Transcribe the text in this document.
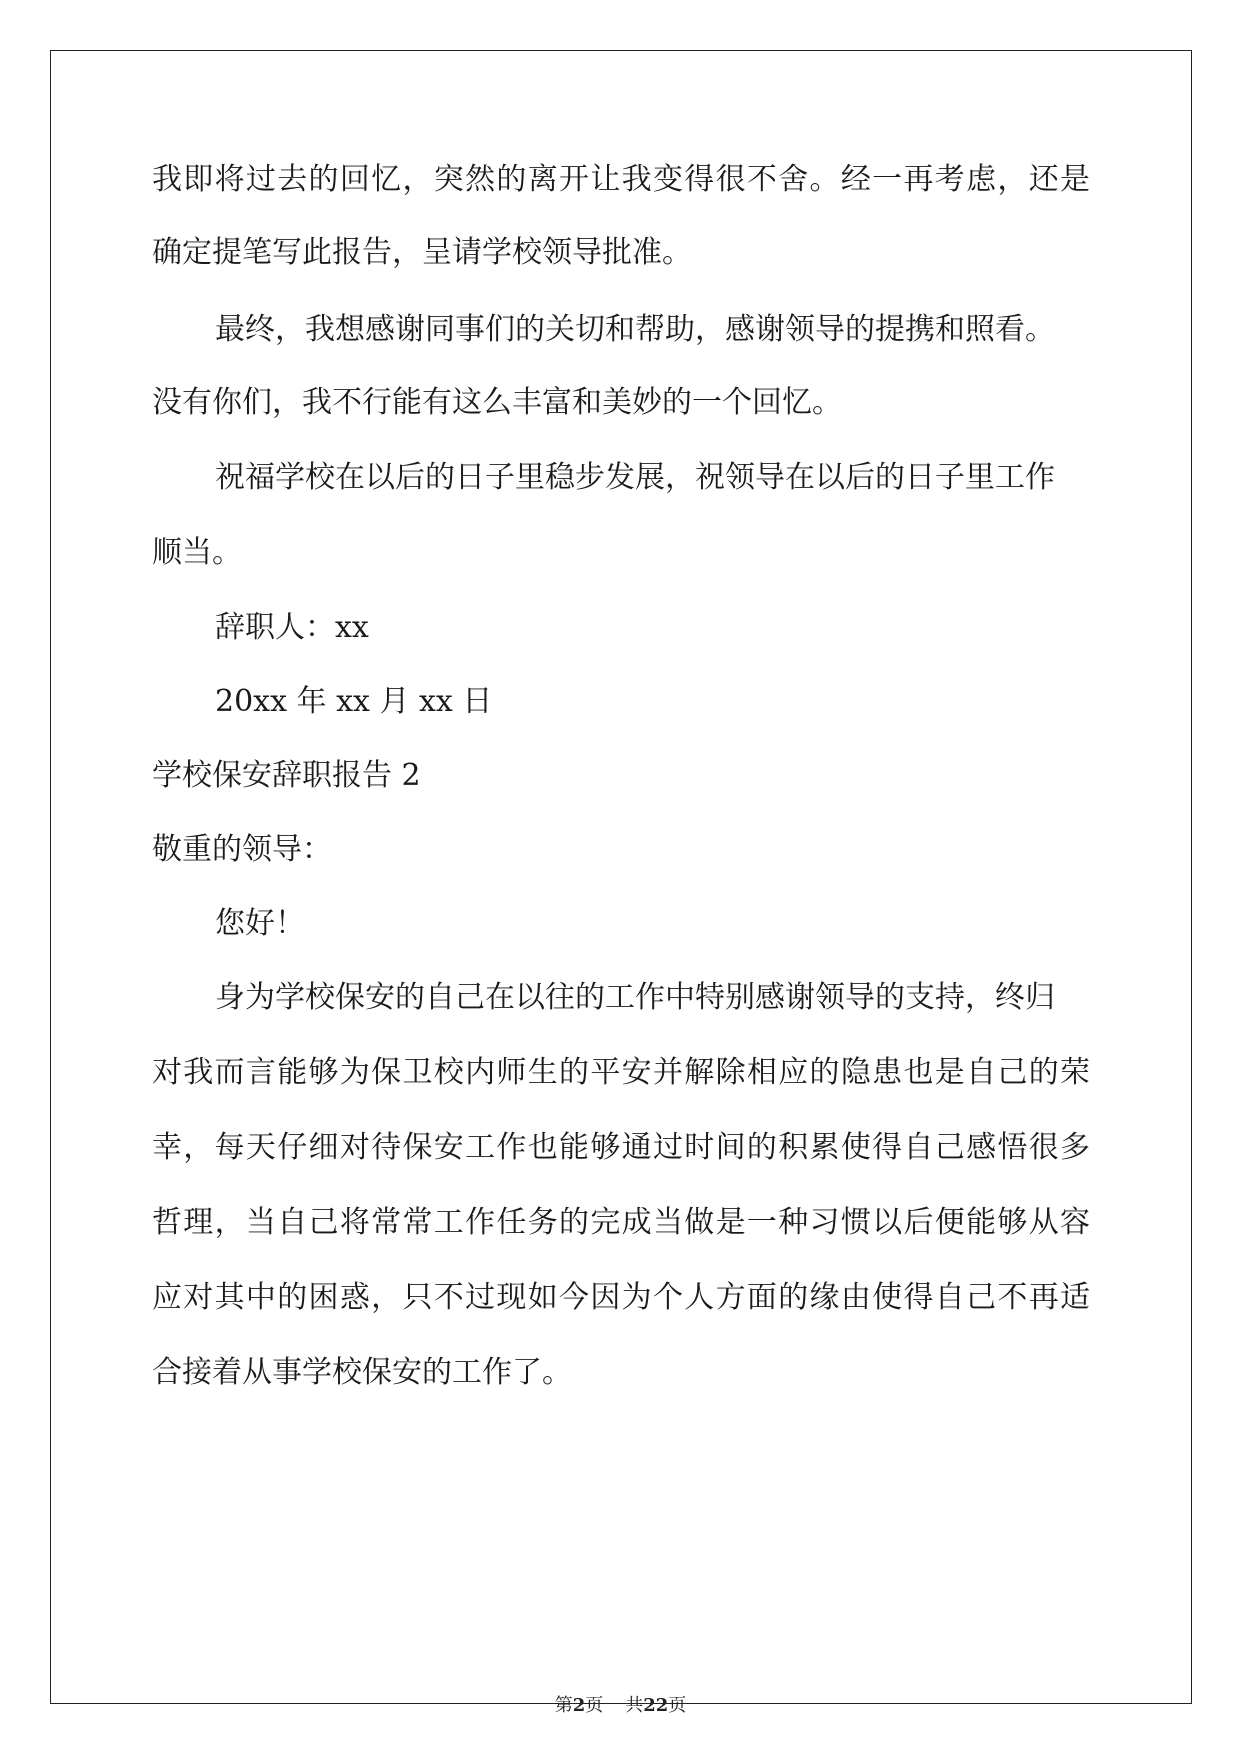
我即将过去的回忆，突然的离开让我变得很不舍。经一再考虑，还是
确定提笔写此报告，呈请学校领导批准。
最终，我想感谢同事们的关切和帮助，感谢领导的提携和照看。
没有你们，我不行能有这么丰富和美妙的一个回忆。
祝福学校在以后的日子里稳步发展，祝领导在以后的日子里工作
顺当。
辞职人：xx
20xx 年 xx 月 xx 日
学校保安辞职报告 2
敬重的领导：
您好！
身为学校保安的自己在以往的工作中特别感谢领导的支持，终归
对我而言能够为保卫校内师生的平安并解除相应的隐患也是自己的荣
幸，每天仔细对待保安工作也能够通过时间的积累使得自己感悟很多
哲理，当自己将常常工作任务的完成当做是一种习惯以后便能够从容
应对其中的困惑，只不过现如今因为个人方面的缘由使得自己不再适
合接着从事学校保安的工作了。
第2页 共22页
